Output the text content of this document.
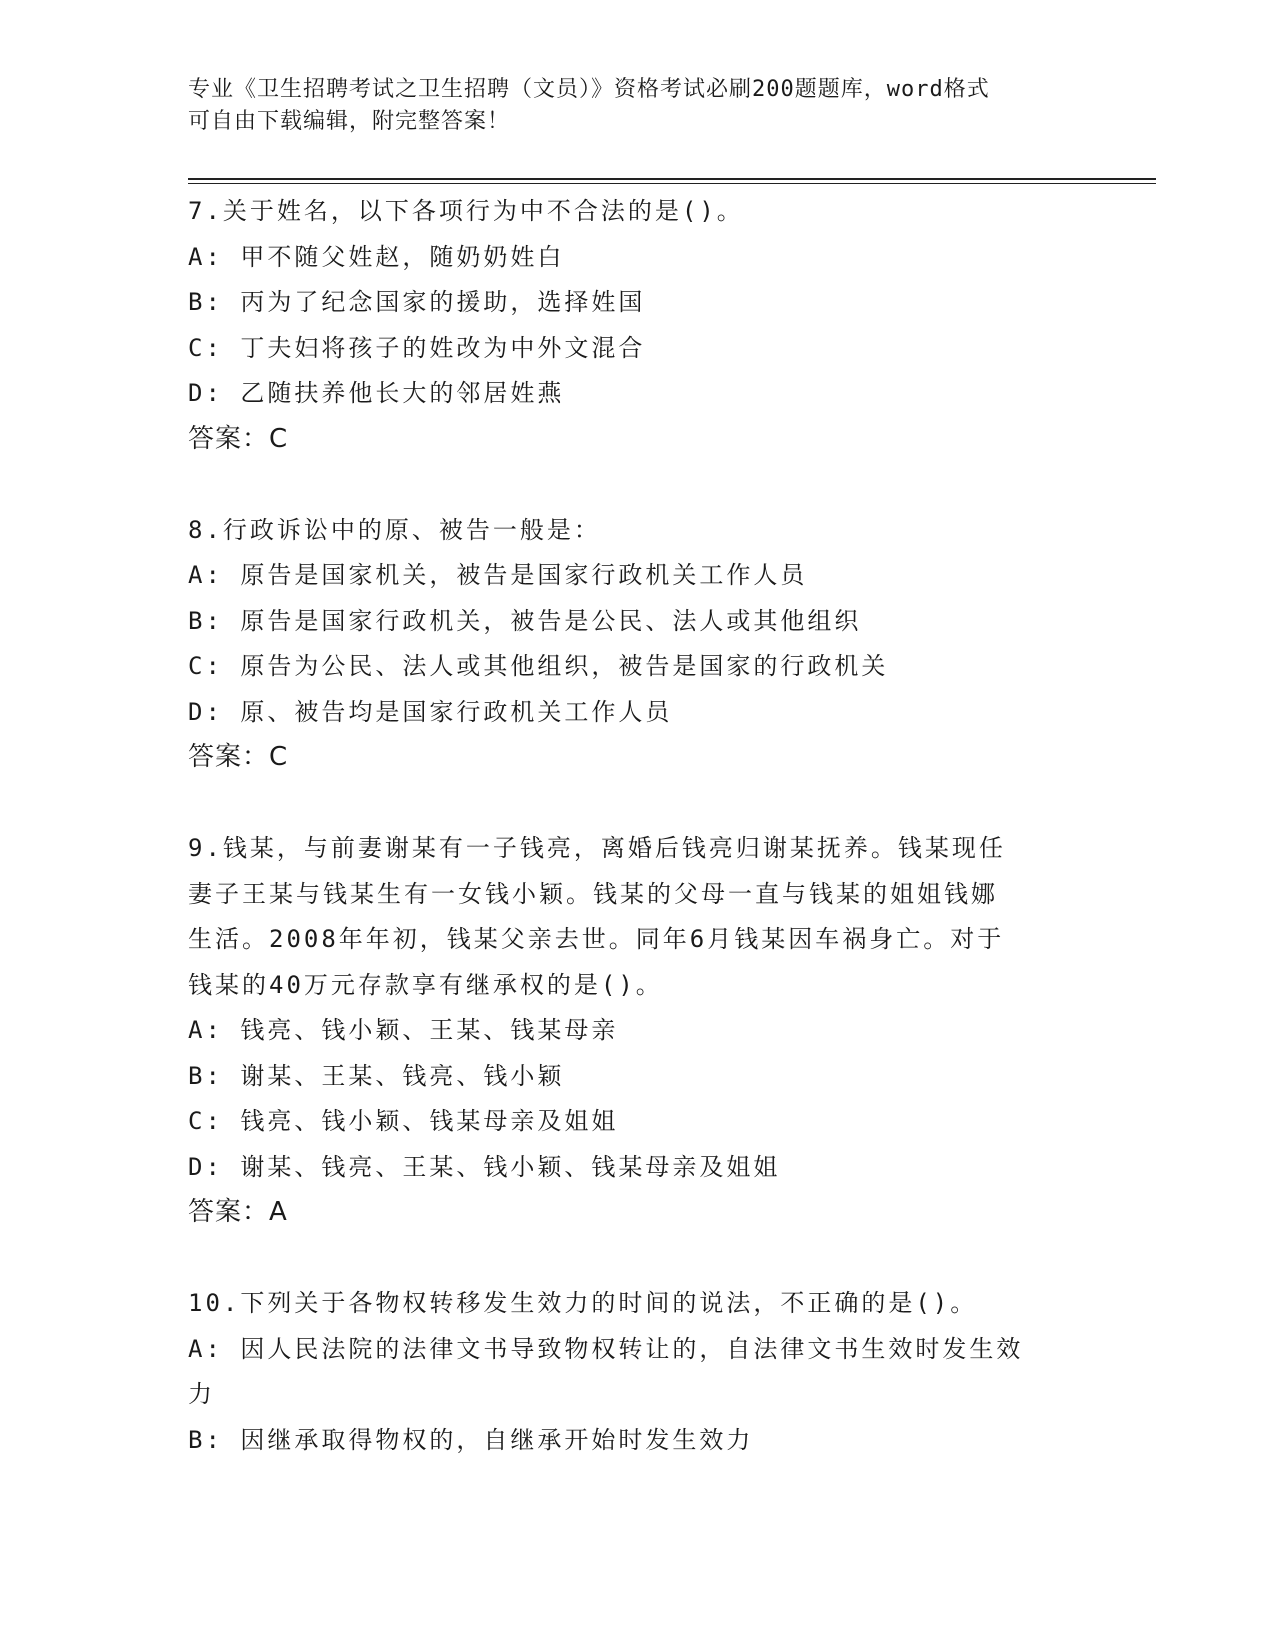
专业《卫生招聘考试之卫生招聘（文员）》资格考试必刷200题题库，word格式
可自由下载编辑，附完整答案！
7.关于姓名，以下各项行为中不合法的是()。
A: 甲不随父姓赵，随奶奶姓白
B: 丙为了纪念国家的援助，选择姓国
C: 丁夫妇将孩子的姓改为中外文混合
D: 乙随扶养他长大的邻居姓燕
答案：C
8.行政诉讼中的原、被告一般是：
A: 原告是国家机关，被告是国家行政机关工作人员
B: 原告是国家行政机关，被告是公民、法人或其他组织
C: 原告为公民、法人或其他组织，被告是国家的行政机关
D: 原、被告均是国家行政机关工作人员
答案：C
9.钱某，与前妻谢某有一子钱亮，离婚后钱亮归谢某抚养。钱某现任
妻子王某与钱某生有一女钱小颖。钱某的父母一直与钱某的姐姐钱娜
生活。2008年年初，钱某父亲去世。同年6月钱某因车祸身亡。对于
钱某的40万元存款享有继承权的是()。
A: 钱亮、钱小颖、王某、钱某母亲
B: 谢某、王某、钱亮、钱小颖
C: 钱亮、钱小颖、钱某母亲及姐姐
D: 谢某、钱亮、王某、钱小颖、钱某母亲及姐姐
答案：A
10.下列关于各物权转移发生效力的时间的说法，不正确的是()。
A: 因人民法院的法律文书导致物权转让的，自法律文书生效时发生效
力
B: 因继承取得物权的，自继承开始时发生效力
